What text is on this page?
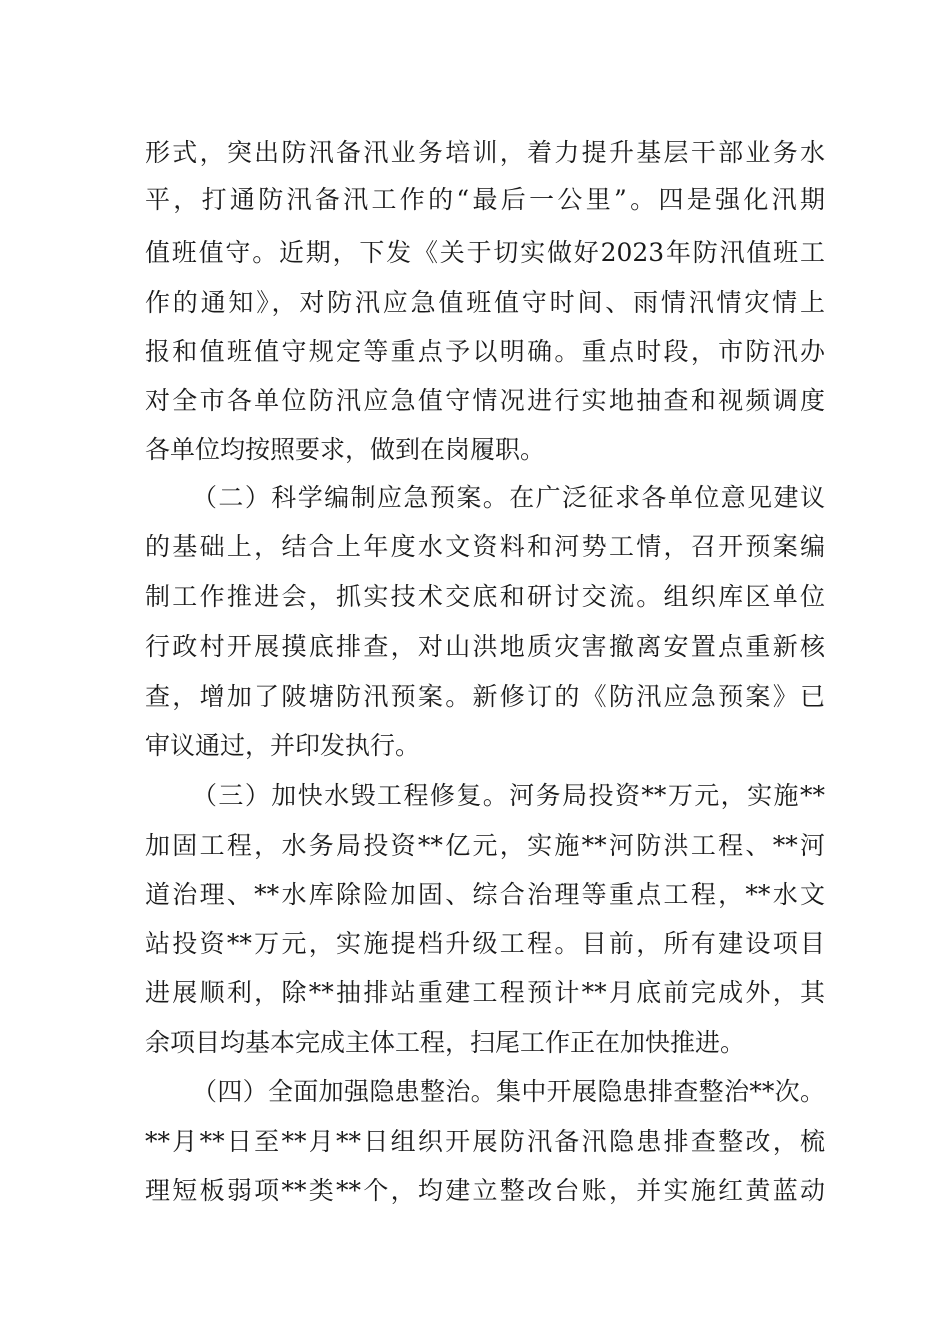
形式，突出防汛备汛业务培训，着力提升基层干部业务水
平，打通防汛备汛工作的“最后一公里”。四是强化汛期
值班值守。近期，下发《关于切实做好2023年防汛值班工
作的通知》，对防汛应急值班值守时间、雨情汛情灾情上
报和值班值守规定等重点予以明确。重点时段，市防汛办
对全市各单位防汛应急值守情况进行实地抽查和视频调度
各单位均按照要求，做到在岗履职。
（二）科学编制应急预案。在广泛征求各单位意见建议
的基础上，结合上年度水文资料和河势工情，召开预案编
制工作推进会，抓实技术交底和研讨交流。组织库区单位
行政村开展摸底排查，对山洪地质灾害撤离安置点重新核
查，增加了陂塘防汛预案。新修订的《防汛应急预案》已
审议通过，并印发执行。
（三）加快水毁工程修复。河务局投资**万元，实施**
加固工程，水务局投资**亿元，实施**河防洪工程、**河
道治理、**水库除险加固、综合治理等重点工程，**水文
站投资**万元，实施提档升级工程。目前，所有建设项目
进展顺利，除**抽排站重建工程预计**月底前完成外，其
余项目均基本完成主体工程，扫尾工作正在加快推进。
（四）全面加强隐患整治。集中开展隐患排查整治**次。
**月**日至**月**日组织开展防汛备汛隐患排查整改，梳
理短板弱项**类**个，均建立整改台账，并实施红黄蓝动
